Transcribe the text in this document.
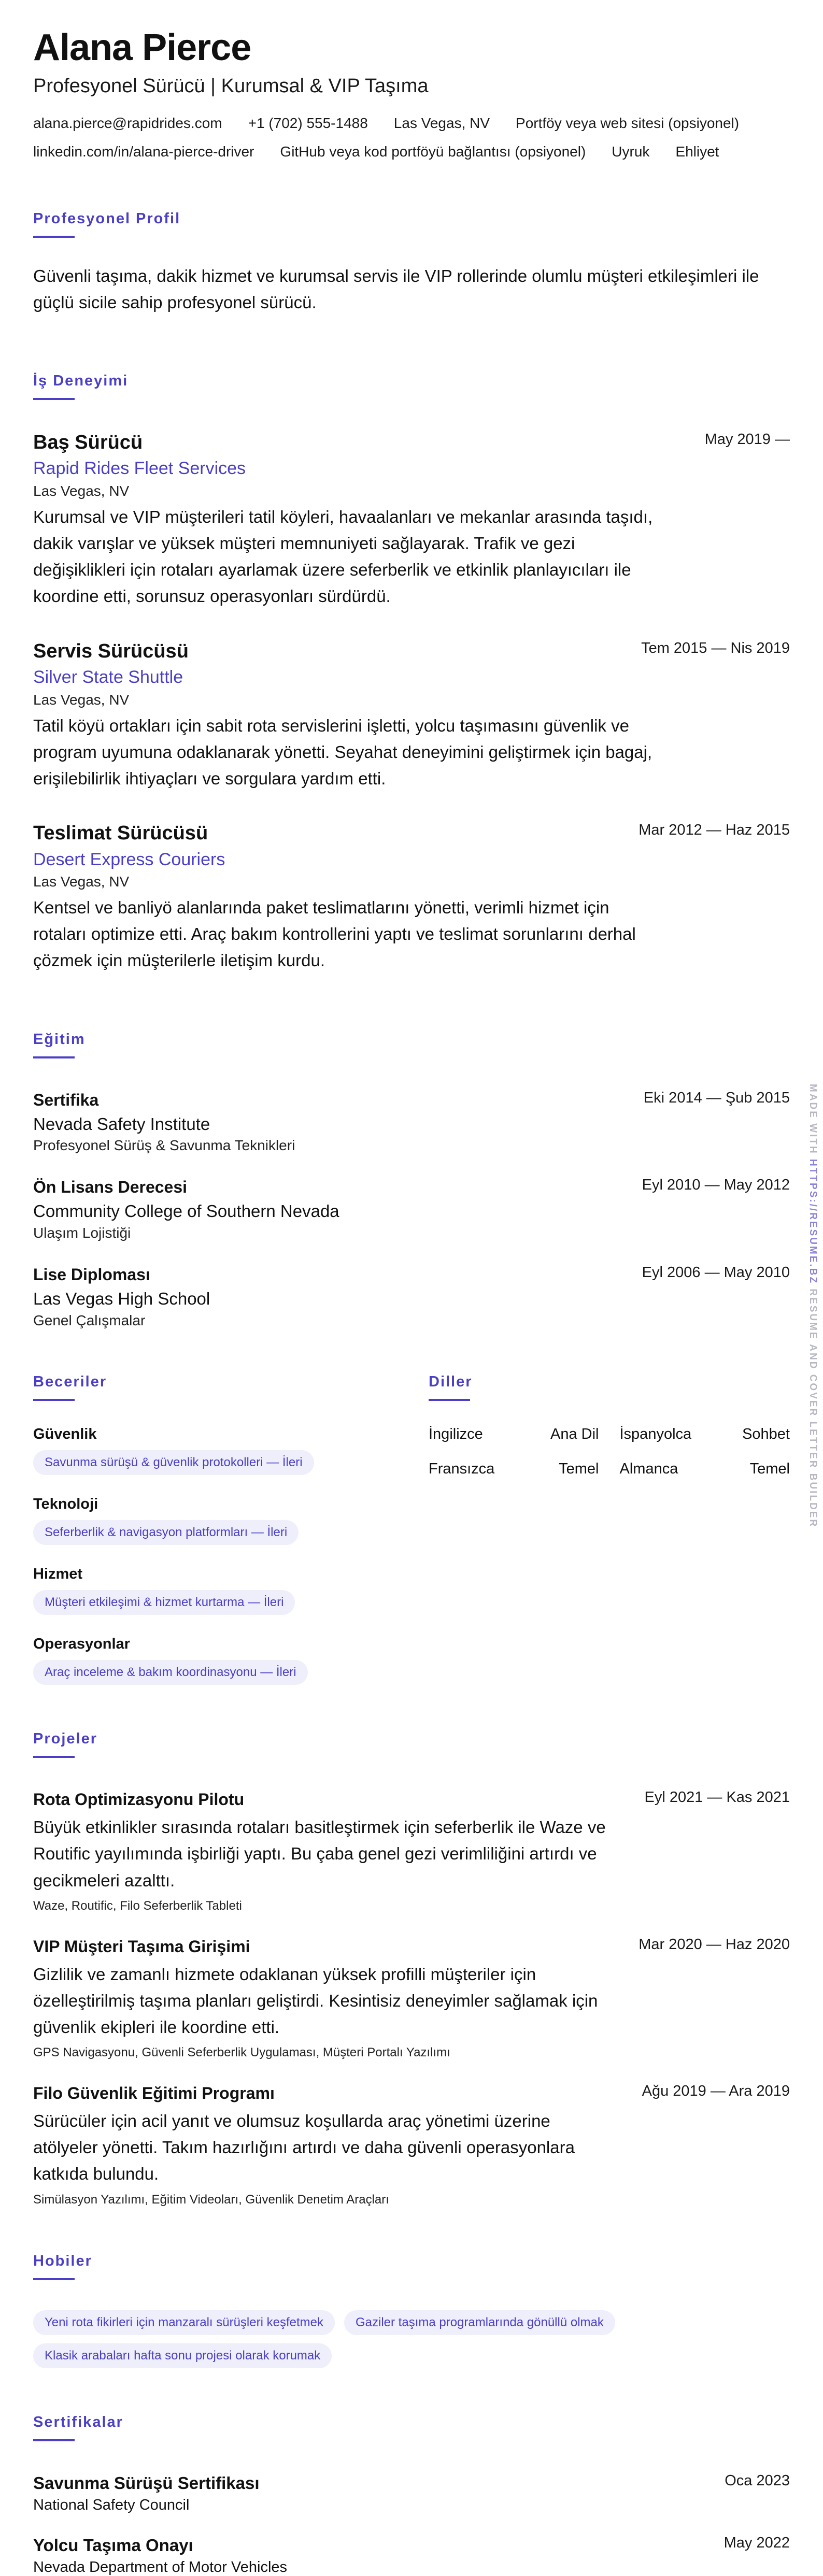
Alana Pierce
Profesyonel Sürücü | Kurumsal & VIP Taşıma
alana.pierce@rapidrides.com +1 (702) 555-1488 Las Vegas, NV Portföy veya web sitesi (opsiyonel)
linkedin.com/in/alana-pierce-driver GitHub veya kod portföyü bağlantısı (opsiyonel) Uyruk Ehliyet
Profesyonel Profil
Güvenli taşıma, dakik hizmet ve kurumsal servis ile VIP rollerinde olumlu müşteri etkileşimleri ile güçlü sicile sahip profesyonel sürücü.
İş Deneyimi
Baş Sürücü	May 2019 —
Rapid Rides Fleet Services
Las Vegas, NV
Kurumsal ve VIP müşterileri tatil köyleri, havaalanları ve mekanlar arasında taşıdı, dakik varışlar ve yüksek müşteri memnuniyeti sağlayarak. Trafik ve gezi değişiklikleri için rotaları ayarlamak üzere seferberlik ve etkinlik planlayıcıları ile koordine etti, sorunsuz operasyonları sürdürdü.
Servis Sürücüsü	Tem 2015 — Nis 2019
Silver State Shuttle
Las Vegas, NV
Tatil köyü ortakları için sabit rota servislerini işletti, yolcu taşımasını güvenlik ve program uyumuna odaklanarak yönetti. Seyahat deneyimini geliştirmek için bagaj, erişilebilirlik ihtiyaçları ve sorgulara yardım etti.
Teslimat Sürücüsü	Mar 2012 — Haz 2015
Desert Express Couriers
Las Vegas, NV
Kentsel ve banliyö alanlarında paket teslimatlarını yönetti, verimli hizmet için rotaları optimize etti. Araç bakım kontrollerini yaptı ve teslimat sorunlarını derhal çözmek için müşterilerle iletişim kurdu.
Eğitim
Sertifika	Eki 2014 — Şub 2015
Nevada Safety Institute
Profesyonel Sürüş & Savunma Teknikleri
Ön Lisans Derecesi	Eyl 2010 — May 2012
Community College of Southern Nevada
Ulaşım Lojistiği
Lise Diploması	Eyl 2006 — May 2010
Las Vegas High School
Genel Çalışmalar
Beceriler
Güvenlik
Savunma sürüşü & güvenlik protokolleri — İleri
Teknoloji
Seferberlik & navigasyon platformları — İleri
Hizmet
Müşteri etkileşimi & hizmet kurtarma — İleri
Operasyonlar
Araç inceleme & bakım koordinasyonu — İleri
Diller
İngilizce	Ana Dil İspanyolca	Sohbet
Fransızca	Temel Almanca	Temel
Projeler
Rota Optimizasyonu Pilotu	Eyl 2021 — Kas 2021
Büyük etkinlikler sırasında rotaları basitleştirmek için seferberlik ile Waze ve Routific yayılımında işbirliği yaptı. Bu çaba genel gezi verimliliğini artırdı ve gecikmeleri azalttı.
Waze, Routific, Filo Seferberlik Tableti
VIP Müşteri Taşıma Girişimi	Mar 2020 — Haz 2020
Gizlilik ve zamanlı hizmete odaklanan yüksek profilli müşteriler için özelleştirilmiş taşıma planları geliştirdi. Kesintisiz deneyimler sağlamak için güvenlik ekipleri ile koordine etti.
GPS Navigasyonu, Güvenli Seferberlik Uygulaması, Müşteri Portalı Yazılımı
Filo Güvenlik Eğitimi Programı	Ağu 2019 — Ara 2019
Sürücüler için acil yanıt ve olumsuz koşullarda araç yönetimi üzerine atölyeler yönetti. Takım hazırlığını artırdı ve daha güvenli operasyonlara katkıda bulundu.
Simülasyon Yazılımı, Eğitim Videoları, Güvenlik Denetim Araçları
Hobiler
Yeni rota fikirleri için manzaralı sürüşleri keşfetmek	Gaziler taşıma programlarında gönüllü olmak
Klasik arabaları hafta sonu projesi olarak korumak
Sertifikalar
Savunma Sürüşü Sertifikası	Oca 2023
National Safety Council
Yolcu Taşıma Onayı	May 2022
Nevada Department of Motor Vehicles
MADE WITH HTTPS://RESUME.BZ RESUME AND COVER LETTER BUILDER
